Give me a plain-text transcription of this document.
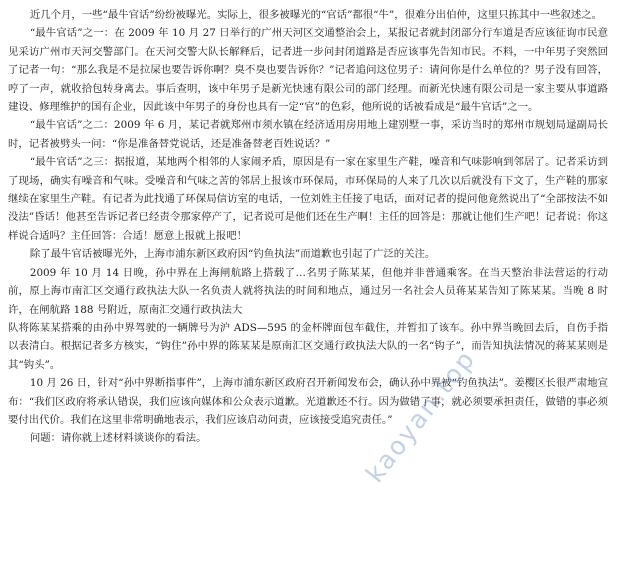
近几个月，一些“最牛官话”纷纷被曝光。实际上，很多被曝光的“官话”都很“牛”，很难分出伯仲，这里只拣其中一些叙述之。

“最牛官话”之一：在 2009 年 10 月 27 日举行的广州天河区交通整治会上，某报记者就封闭部分行车道是否应该征询市民意见采访广州市天河交警部门。在天河交警大队长解释后，记者进一步问封闭道路是否应该事先告知市民。不料，一中年男子突然回了记者一句：“那么我是不是拉屎也要告诉你啊？臭不臭也要告诉你？”记者追问这位男子：请问你是什么单位的？男子没有回答，哼了一声，就收拾包转身离去。事后查明，该中年男子是新光快速有限公司的部门经理。而新光快速有限公司是一家主要从事道路建设、修理维护的国有企业，因此该中年男子的身份也具有一定“官”的色彩，他所说的话被看成是“最牛官话”之一。

“最牛官话”之二：2009 年 6 月，某记者就郑州市须水镇在经济适用房用地上建别墅一事，采访当时的郑州市规划局逯副局长时，记者被劈头一问：“你是准备替党说话，还是准备替老百姓说话？”

“最牛官话”之三：据报道，某地两个相邻的人家闹矛盾，原因是有一家在家里生产鞋，噪音和气味影响到邻居了。记者采访到了现场，确实有噪音和气味。受噪音和气味之苦的邻居上报该市环保局，市环保局的人来了几次以后就没有下文了，生产鞋的那家继续在家里生产鞋。有记者为此找通了环保局信访室的电话，一位刘姓主任接了电话，面对记者的提问他竟然说出了“全部按法不如没法”昏话！他甚至告诉记者已经责令那家停产了，记者说可是他们还在生产啊！主任的回答是：那就让他们生产吧！记者说：你这样说合适吗？主任回答：合适！愿意上报就上报吧！

除了最牛官话被曝光外，上海市浦东新区政府因“钓鱼执法”而道歉也引起了广泛的关注。

2009 年 10 月 14 日晚，孙中界在上海闸航路上搭载了…名男子陈某某，但他并非普通乘客。在当天整治非法营运的行动前，原上海市南汇区交通行政执法大队一名负责人就将执法的时间和地点，通过另一名社会人员蒋某某告知了陈某某。当晚 8 时许，在闸航路 188 号附近，原南汇交通行政执法大

队将陈某某搭乘的由孙中界驾驶的一辆牌号为沪 ADS—595 的金杯牌面包车截住，并暂扣了该车。孙中界当晚回去后，自伤手指以表清白。根据记者多方核实，“钩住”孙中界的陈某某是原南汇区交通行政执法大队的一名“钩子”，而告知执法情况的蒋某某则是其“钩头”。

10 月 26 日，针对“孙中界断指事件”，上海市浦东新区政府召开新闻发布会，确认孙中界被“钓鱼执法”。姜樱区长很严肃地宣布：“我们区政府将承认错误，我们应该向媒体和公众表示道歉。光道歉还不行。因为做错了事，就必须要承担责任，做错的事必须要付出代价。我们在这里非常明确地表示，我们应该启动问责，应该接受追究责任。”

问题：请你就上述材料谈谈你的看法。	kaoyan.top
